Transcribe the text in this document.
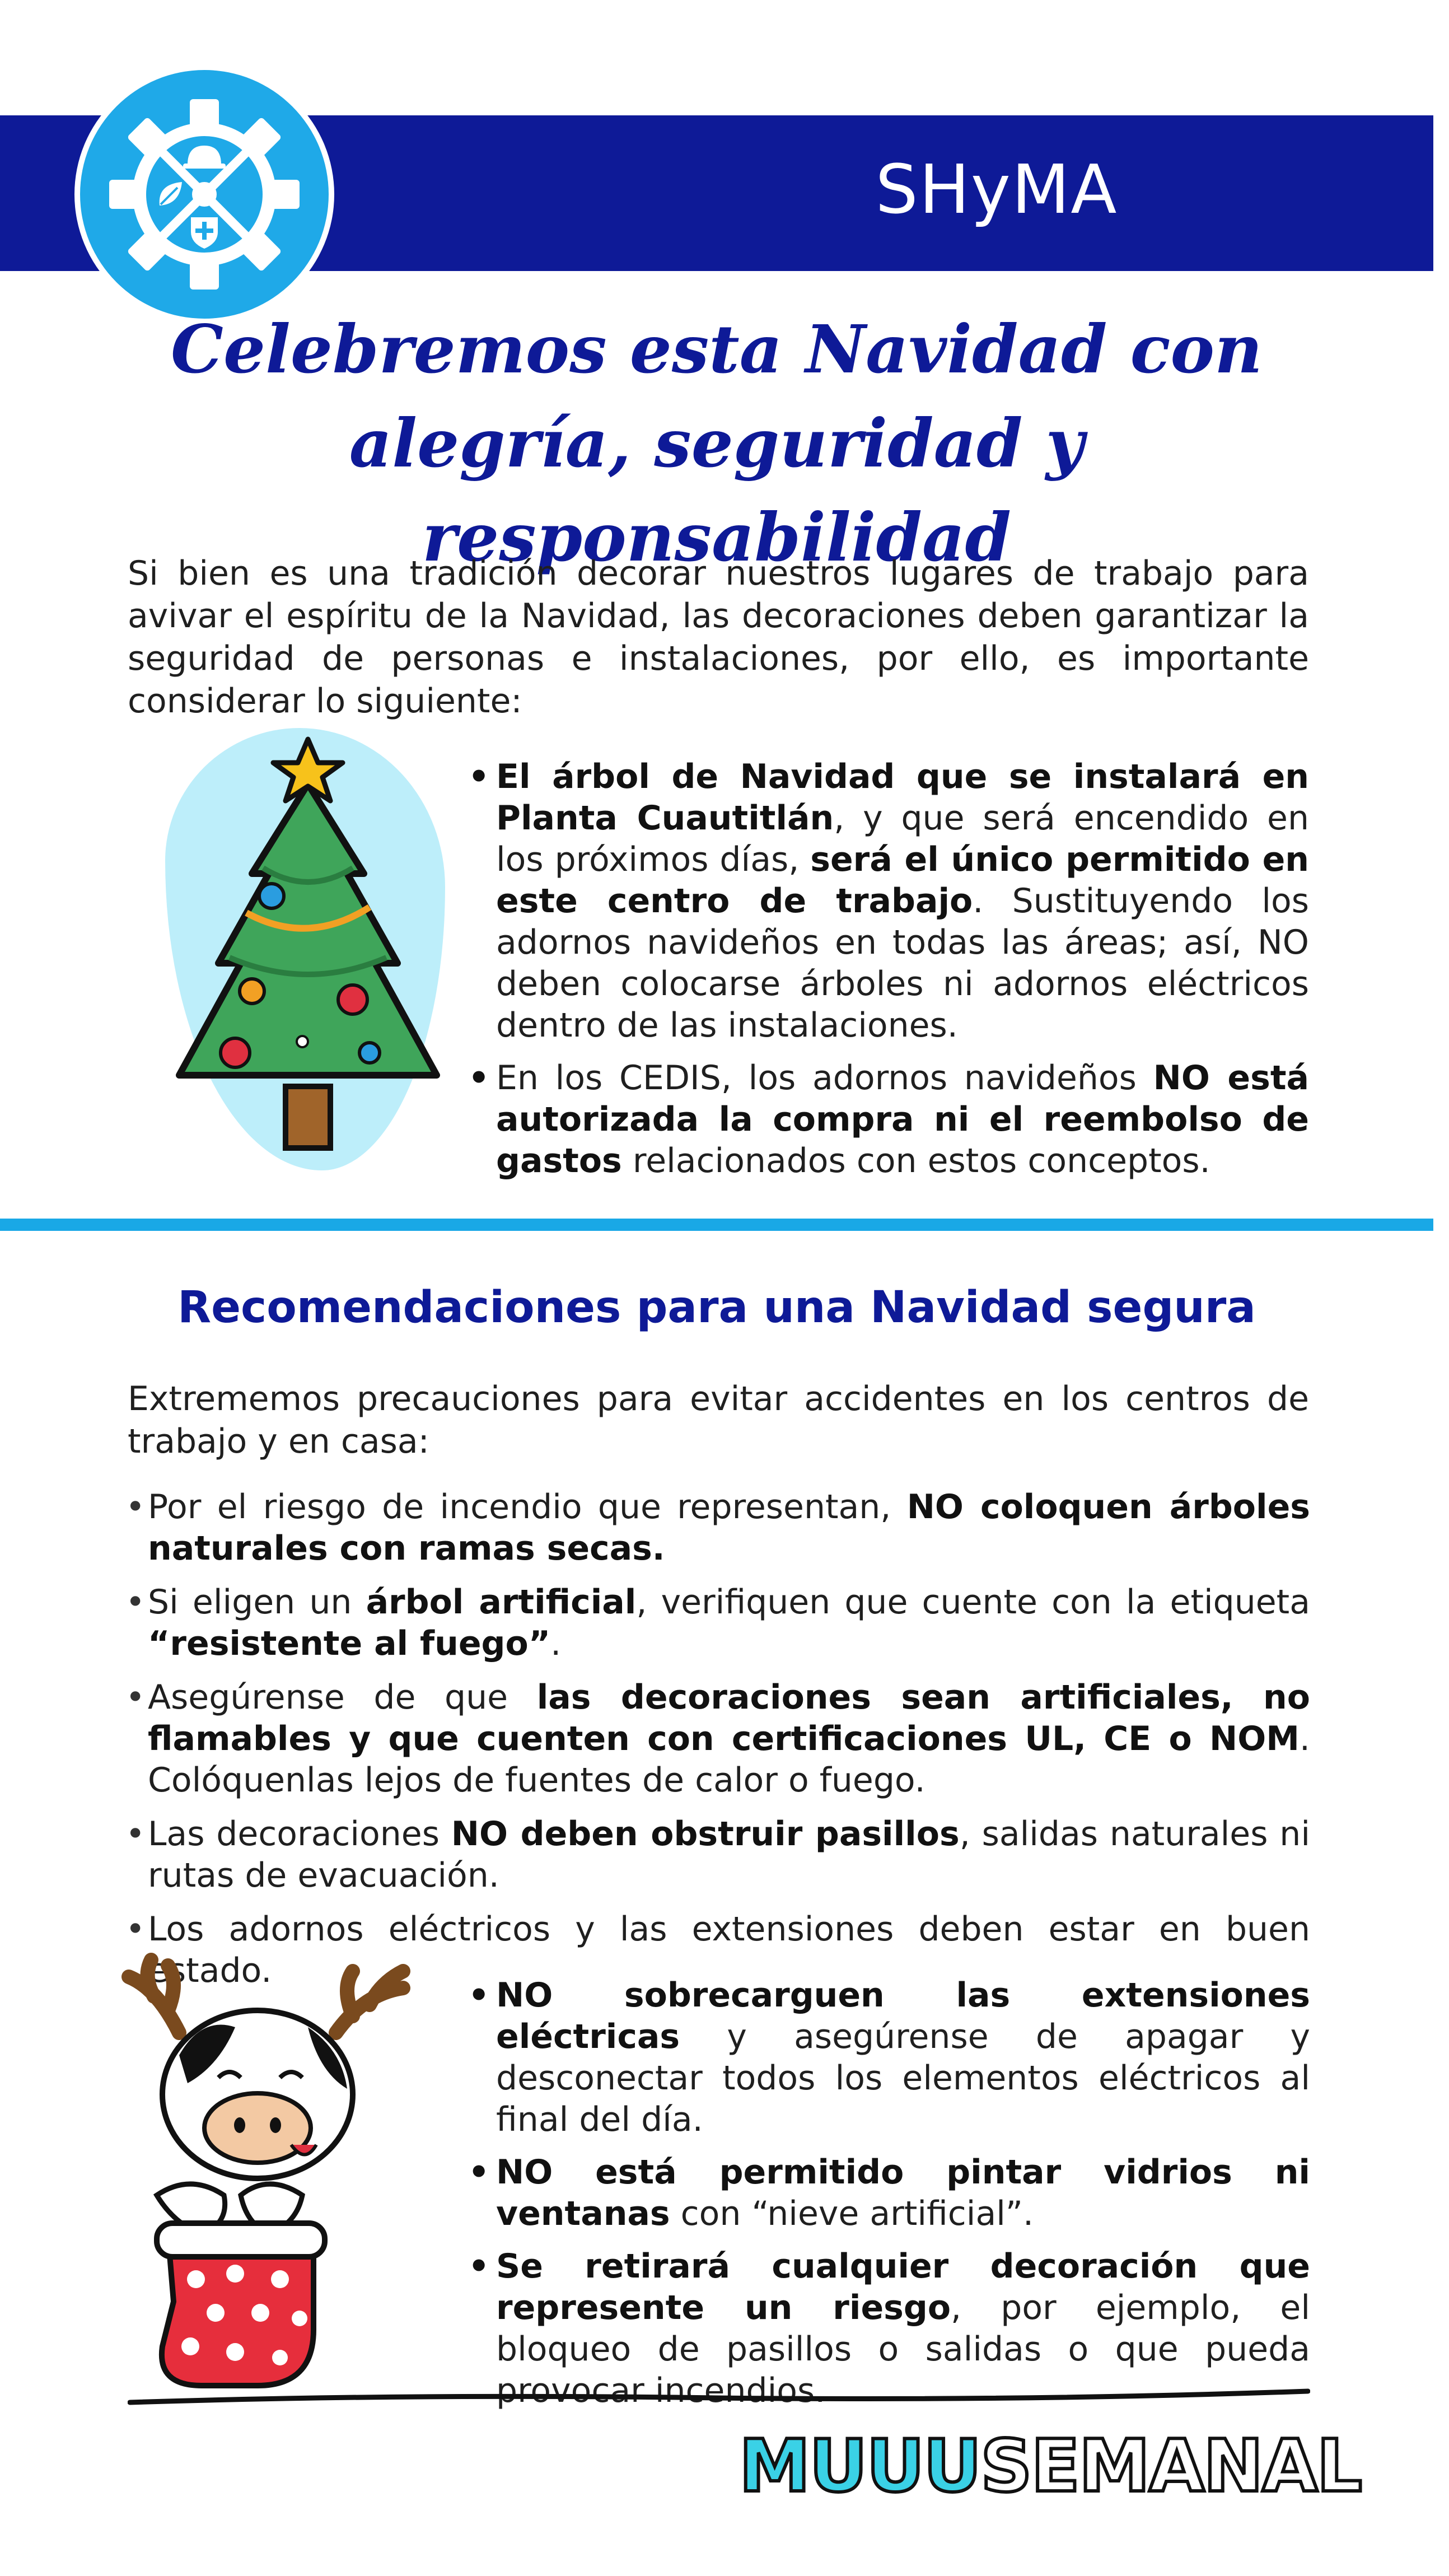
SHyMA
Celebremos esta Navidad con
alegría, seguridad y responsabilidad

Si bien es una tradición decorar nuestros lugares de trabajo para avivar el espíritu de la Navidad, las decoraciones deben garantizar la seguridad de personas e instalaciones, por ello, es importante considerar lo siguiente:

• El árbol de Navidad que se instalará en Planta Cuautitlán, y que será encendido en los próximos días, será el único permitido en este centro de trabajo. Sustituyendo los adornos navideños en todas las áreas; así, NO deben colocarse árboles ni adornos eléctricos dentro de las instalaciones.

• En los CEDIS, los adornos navideños NO está autorizada la compra ni el reembolso de gastos relacionados con estos conceptos.

Recomendaciones para una Navidad segura

Extrememos precauciones para evitar accidentes en los centros de trabajo y en casa:

• Por el riesgo de incendio que representan, NO coloquen árboles naturales con ramas secas.

• Si eligen un árbol artificial, verifiquen que cuente con la etiqueta “resistente al fuego”.

• Asegúrense de que las decoraciones sean artificiales, no flamables y que cuenten con certificaciones UL, CE o NOM. Colóquenlas lejos de fuentes de calor o fuego.

• Las decoraciones NO deben obstruir pasillos, salidas naturales ni rutas de evacuación.

• Los adornos eléctricos y las extensiones deben estar en buen estado.

• NO sobrecarguen las extensiones eléctricas y asegúrense de apagar y desconectar todos los elementos eléctricos al final del día.

• NO está permitido pintar vidrios ni ventanas con “nieve artificial”.

• Se retirará cualquier decoración que represente un riesgo, por ejemplo, el bloqueo de pasillos o salidas o que pueda provocar incendios.

MUUUSEMANAL
